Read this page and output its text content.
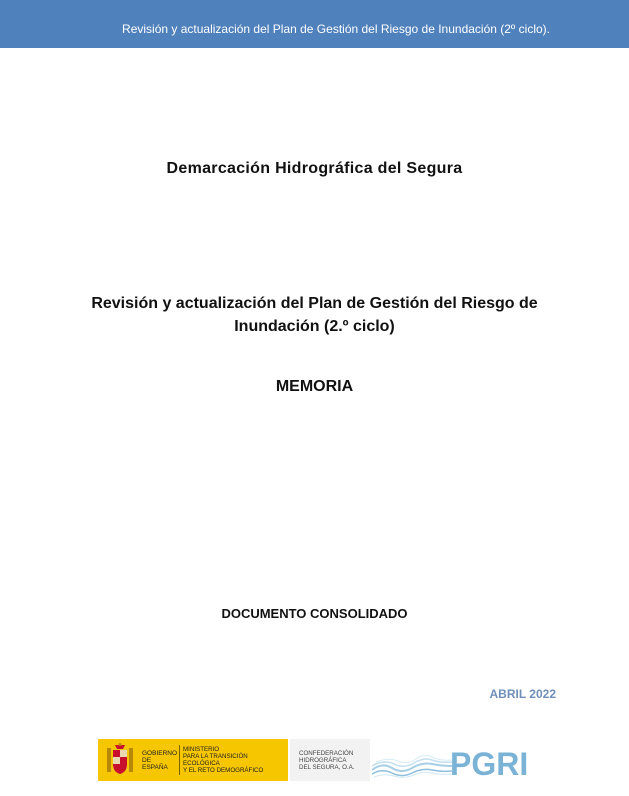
Revisión y actualización del Plan de Gestión del Riesgo de Inundación (2º ciclo).
Demarcación Hidrográfica del Segura
Revisión y actualización del Plan de Gestión del Riesgo de
Inundación (2.º ciclo)
MEMORIA
DOCUMENTO CONSOLIDADO
ABRIL 2022
GOBIERNO
DE ESPAÑA
MINISTERIO
PARA LA TRANSICIÓN ECOLÓGICA
Y EL RETO DEMOGRÁFICO
CONFEDERACIÓN
HIDROGRÁFICA
DEL SEGURA, O.A.	PGRI
